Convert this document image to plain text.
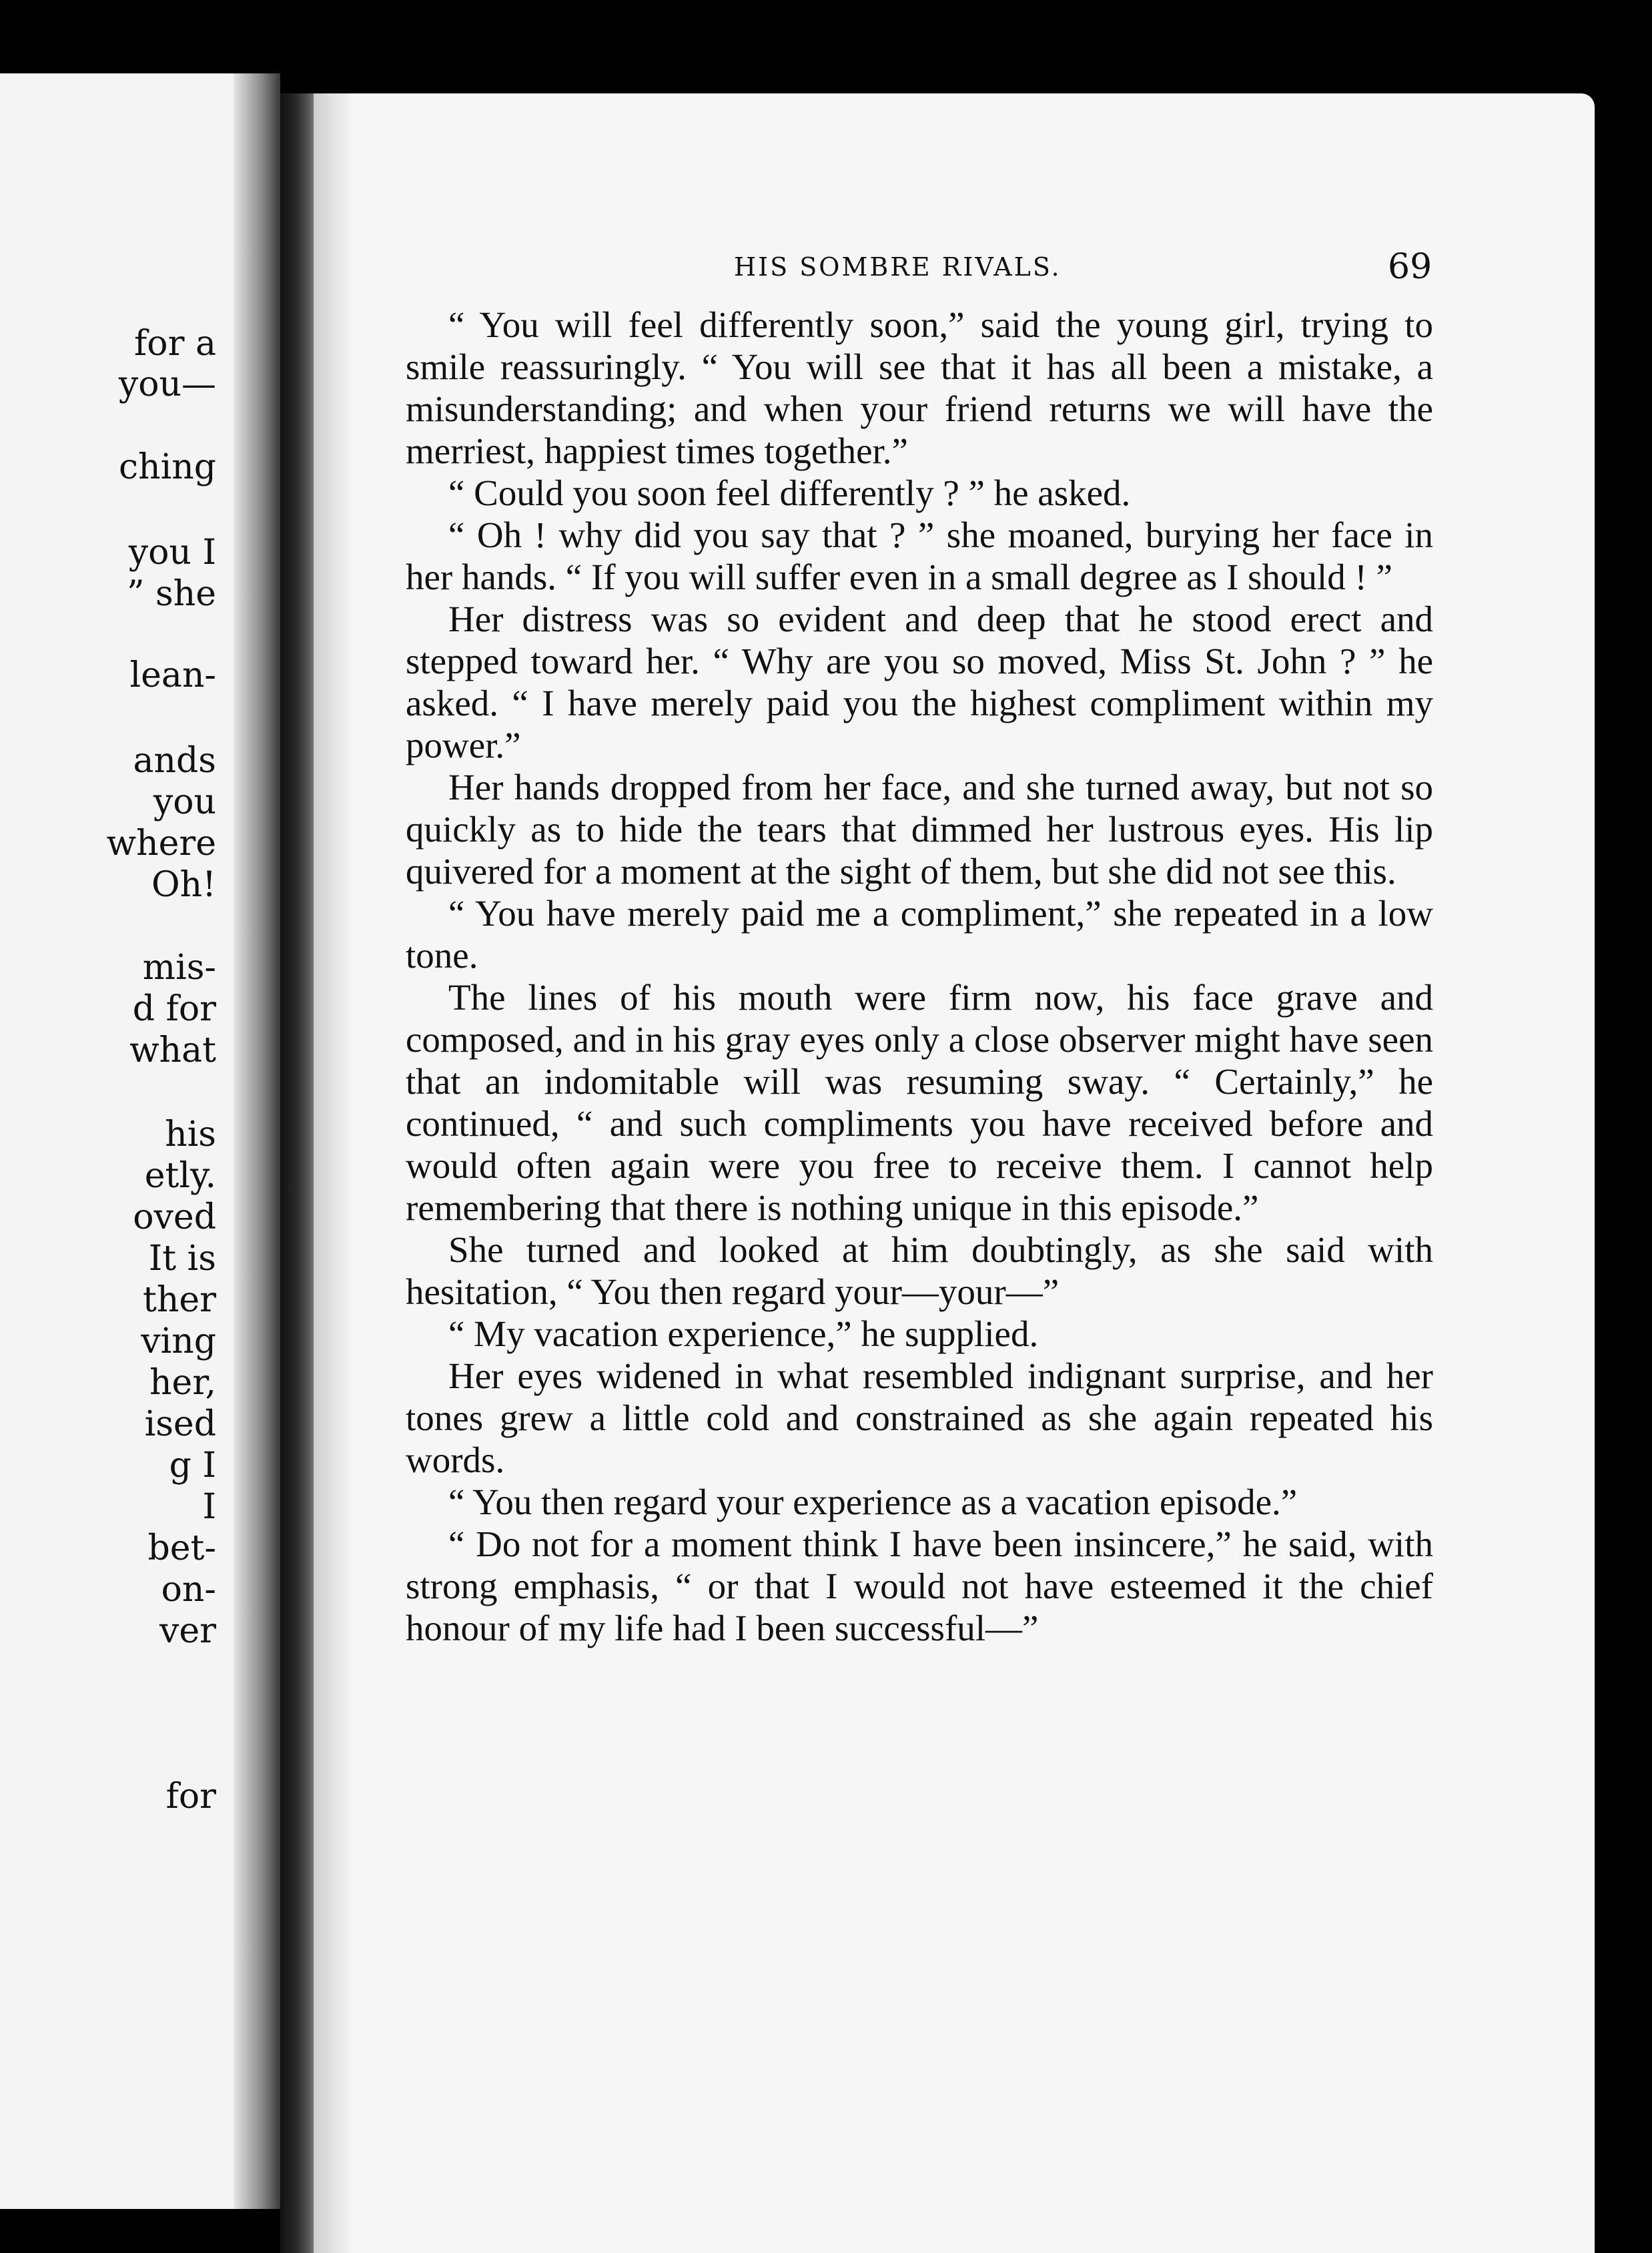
for a
you—
ching
you I
” she
lean-
ands
you
where
Oh!
mis-
d for
what
his
etly.
oved
It is
ther
ving
her,
ised
g I
I
bet-
on-
ver
for
HIS SOMBRE RIVALS.	69

“ You will feel differently soon,” said the young girl, trying to smile reassuringly. “ You will see that it has all been a mistake, a misunderstanding; and when your friend returns we will have the merriest, happiest times together.”

“ Could you soon feel differently ? ” he asked.

“ Oh ! why did you say that ? ” she moaned, burying her face in her hands. “ If you will suffer even in a small degree as I should ! ”

Her distress was so evident and deep that he stood erect and stepped toward her. “ Why are you so moved, Miss St. John ? ” he asked. “ I have merely paid you the highest compliment within my power.”

Her hands dropped from her face, and she turned away, but not so quickly as to hide the tears that dimmed her lustrous eyes. His lip quivered for a moment at the sight of them, but she did not see this.

“ You have merely paid me a compliment,” she repeated in a low tone.

The lines of his mouth were firm now, his face grave and composed, and in his gray eyes only a close observer might have seen that an indomitable will was resuming sway. “ Certainly,” he continued, “ and such compliments you have received before and would often again were you free to receive them. I cannot help remembering that there is nothing unique in this episode.”

She turned and looked at him doubtingly, as she said with hesitation, “ You then regard your—your—”

“ My vacation experience,” he supplied.

Her eyes widened in what resembled indignant surprise, and her tones grew a little cold and constrained as she again repeated his words.

“ You then regard your experience as a vacation episode.”

“ Do not for a moment think I have been insincere,” he said, with strong emphasis, “ or that I would not have esteemed it the chief honour of my life had I been successful—”
